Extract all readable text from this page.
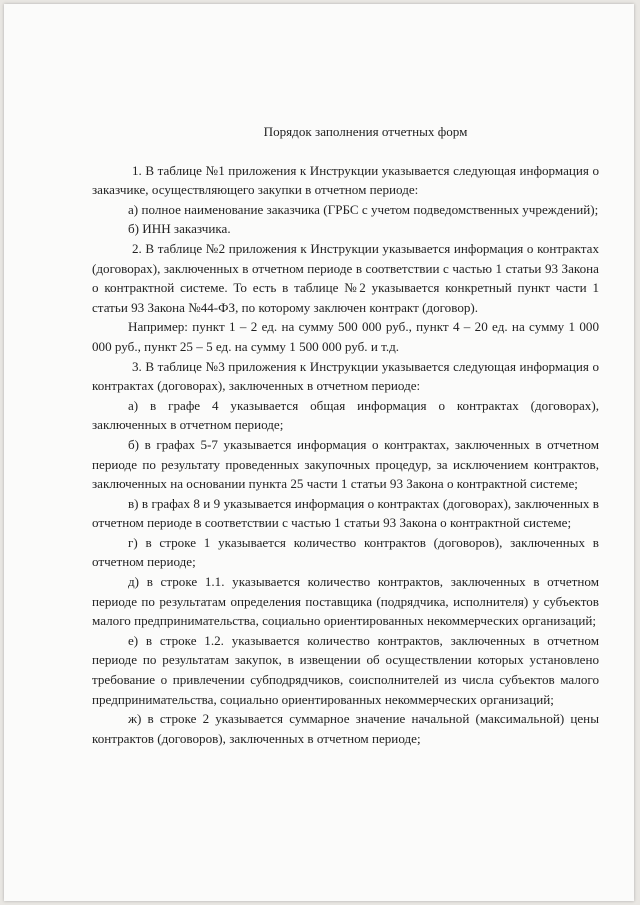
Порядок заполнения отчетных форм

1. В таблице №1 приложения к Инструкции указывается следующая информация о заказчике, осуществляющего закупки в отчетном периоде:

а) полное наименование заказчика (ГРБС с учетом подведомственных учреждений);

б) ИНН заказчика.

2. В таблице №2 приложения к Инструкции указывается информация о контрактах (договорах), заключенных в отчетном периоде в соответствии с частью 1 статьи 93 Закона о контрактной системе. То есть в таблице №2 указывается конкретный пункт части 1 статьи 93 Закона №44-ФЗ, по которому заключен контракт (договор).

Например: пункт 1 – 2 ед. на сумму 500 000 руб., пункт 4 – 20 ед. на сумму 1 000 000 руб., пункт 25 – 5 ед. на сумму 1 500 000 руб. и т.д.

3. В таблице №3 приложения к Инструкции указывается следующая информация о контрактах (договорах), заключенных в отчетном периоде:

а) в графе 4 указывается общая информация о контрактах (договорах), заключенных в отчетном периоде;

б) в графах 5-7 указывается информация о контрактах, заключенных в отчетном периоде по результату проведенных закупочных процедур, за исключением контрактов, заключенных на основании пункта 25 части 1 статьи 93 Закона о контрактной системе;

в) в графах 8 и 9 указывается информация о контрактах (договорах), заключенных в отчетном периоде в соответствии с частью 1 статьи 93 Закона о контрактной системе;

г) в строке 1 указывается количество контрактов (договоров), заключенных в отчетном периоде;

д) в строке 1.1. указывается количество контрактов, заключенных в отчетном периоде по результатам определения поставщика (подрядчика, исполнителя) у субъектов малого предпринимательства, социально ориентированных некоммерческих организаций;

е) в строке 1.2. указывается количество контрактов, заключенных в отчетном периоде по результатам закупок, в извещении об осуществлении которых установлено требование о привлечении субподрядчиков, соисполнителей из числа субъектов малого предпринимательства, социально ориентированных некоммерческих организаций;

ж) в строке 2 указывается суммарное значение начальной (максимальной) цены контрактов (договоров), заключенных в отчетном периоде;
